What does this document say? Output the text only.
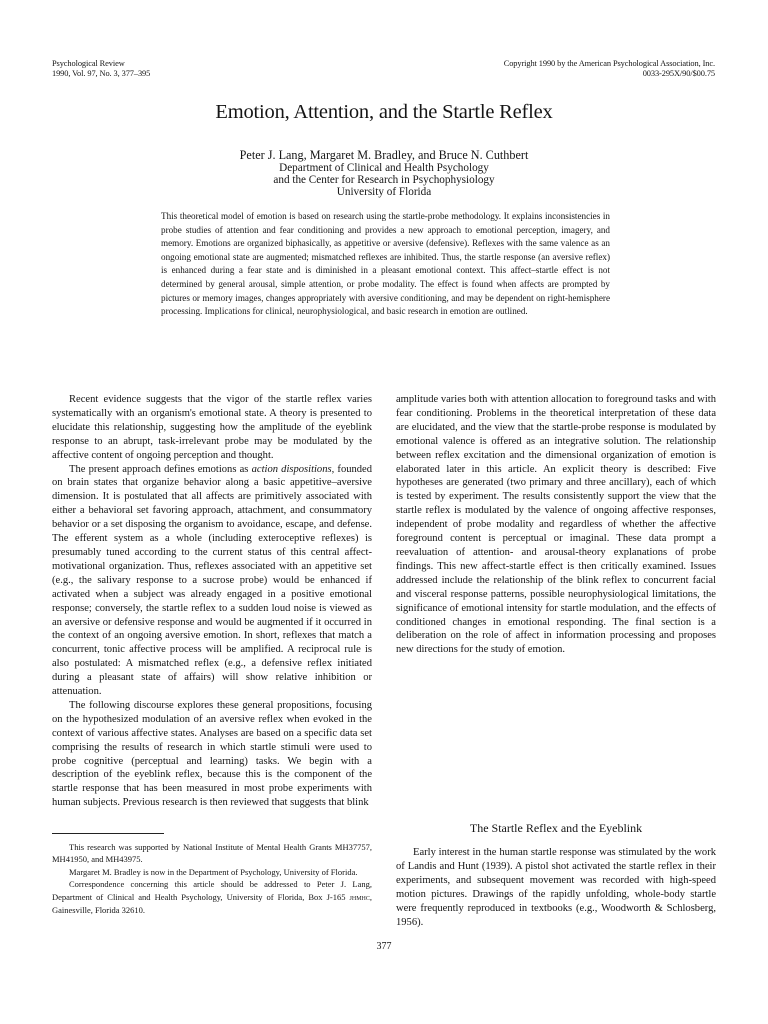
Psychological Review
1990, Vol. 97, No. 3, 377–395
Copyright 1990 by the American Psychological Association, Inc.
0033-295X/90/$00.75
Emotion, Attention, and the Startle Reflex
Peter J. Lang, Margaret M. Bradley, and Bruce N. Cuthbert
Department of Clinical and Health Psychology
and the Center for Research in Psychophysiology
University of Florida
This theoretical model of emotion is based on research using the startle-probe methodology. It explains inconsistencies in probe studies of attention and fear conditioning and provides a new approach to emotional perception, imagery, and memory. Emotions are organized biphasically, as appetitive or aversive (defensive). Reflexes with the same valence as an ongoing emotional state are augmented; mismatched reflexes are inhibited. Thus, the startle response (an aversive reflex) is enhanced during a fear state and is diminished in a pleasant emotional context. This affect–startle effect is not determined by general arousal, simple attention, or probe modality. The effect is found when affects are prompted by pictures or memory images, changes appropriately with aversive conditioning, and may be dependent on right-hemisphere processing. Implications for clinical, neurophysiological, and basic research in emotion are outlined.

Recent evidence suggests that the vigor of the startle reflex varies systematically with an organism's emotional state. A theory is presented to elucidate this relationship, suggesting how the amplitude of the eyeblink response to an abrupt, task-irrelevant probe may be modulated by the affective content of ongoing perception and thought.

The present approach defines emotions as action dispositions, founded on brain states that organize behavior along a basic appetitive–aversive dimension. It is postulated that all affects are primitively associated with either a behavioral set favoring approach, attachment, and consummatory behavior or a set disposing the organism to avoidance, escape, and defense. The efferent system as a whole (including exteroceptive reflexes) is presumably tuned according to the current status of this central affect-motivational organization. Thus, reflexes associated with an appetitive set (e.g., the salivary response to a sucrose probe) would be enhanced if activated when a subject was already engaged in a positive emotional response; conversely, the startle reflex to a sudden loud noise is viewed as an aversive or defensive response and would be augmented if it occurred in the context of an ongoing aversive emotion. In short, reflexes that match a concurrent, tonic affective process will be amplified. A reciprocal rule is also postulated: A mismatched reflex (e.g., a defensive reflex initiated during a pleasant state of affairs) will show relative inhibition or attenuation.

The following discourse explores these general propositions, focusing on the hypothesized modulation of an aversive reflex when evoked in the context of various affective states. Analyses are based on a specific data set comprising the results of research in which startle stimuli were used to probe cognitive (perceptual and learning) tasks. We begin with a description of the eyeblink reflex, because this is the component of the startle response that has been measured in most probe experiments with human subjects. Previous research is then reviewed that suggests that blink

This research was supported by National Institute of Mental Health Grants MH37757, MH41950, and MH43975.

Margaret M. Bradley is now in the Department of Psychology, University of Florida.

Correspondence concerning this article should be addressed to Peter J. Lang, Department of Clinical and Health Psychology, University of Florida, Box J-165 jhmhc, Gainesville, Florida 32610.

amplitude varies both with attention allocation to foreground tasks and with fear conditioning. Problems in the theoretical interpretation of these data are elucidated, and the view that the startle-probe response is modulated by emotional valence is offered as an integrative solution. The relationship between reflex excitation and the dimensional organization of emotion is elaborated later in this article. An explicit theory is described: Five hypotheses are generated (two primary and three ancillary), each of which is tested by experiment. The results consistently support the view that the startle reflex is modulated by the valence of ongoing affective responses, independent of probe modality and regardless of whether the affective foreground content is perceptual or imaginal. These data prompt a reevaluation of attention- and arousal-theory explanations of probe findings. This new affect-startle effect is then critically examined. Issues addressed include the relationship of the blink reflex to concurrent facial and visceral response patterns, possible neurophysiological limitations, the significance of emotional intensity for startle modulation, and the effects of conditioned changes in emotional responding. The final section is a deliberation on the role of affect in information processing and proposes new directions for the study of emotion.

The Startle Reflex and the Eyeblink

Early interest in the human startle response was stimulated by the work of Landis and Hunt (1939). A pistol shot activated the startle reflex in their experiments, and subsequent movement was recorded with high-speed motion pictures. Drawings of the rapidly unfolding, whole-body startle were frequently reproduced in textbooks (e.g., Woodworth & Schlosberg, 1956).

377
